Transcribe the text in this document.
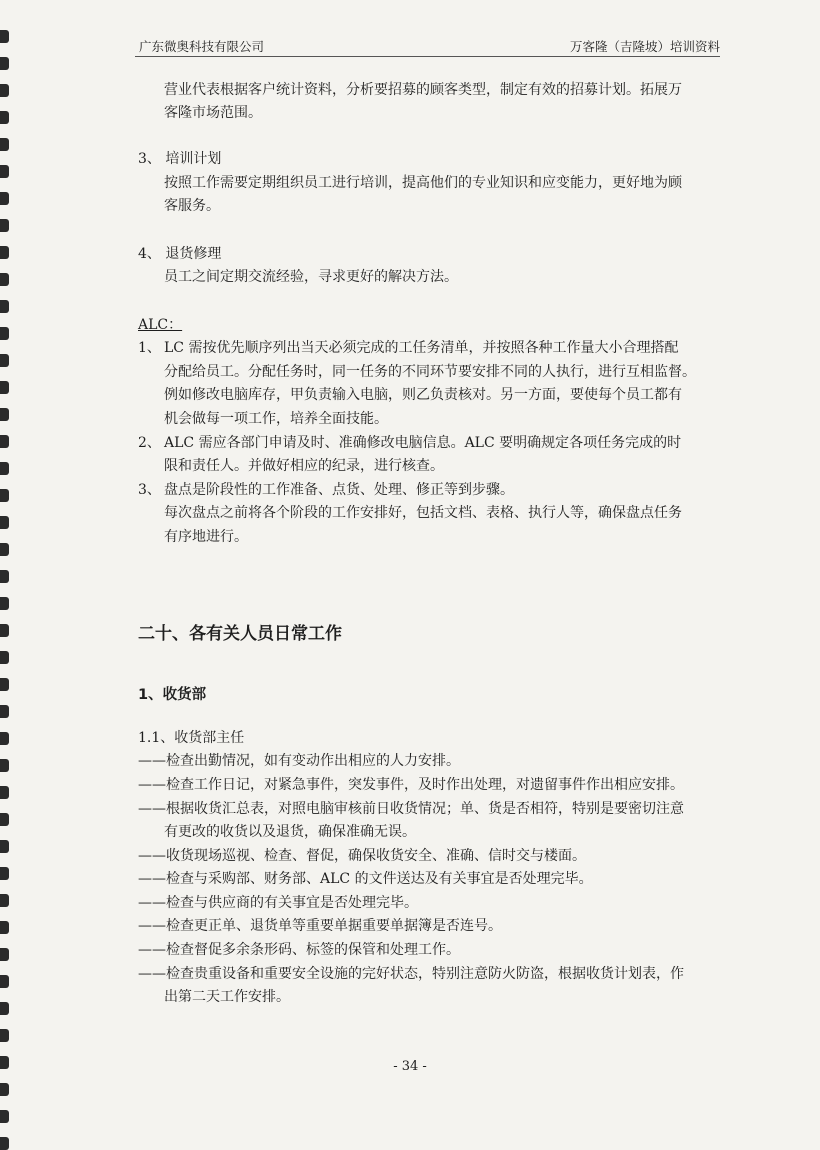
广东微奥科技有限公司	万客隆（吉隆坡）培训资料
营业代表根据客户统计资料，分析要招募的顾客类型，制定有效的招募计划。拓展万
客隆市场范围。
3、 培训计划
按照工作需要定期组织员工进行培训，提高他们的专业知识和应变能力，更好地为顾
客服务。
4、 退货修理
员工之间定期交流经验，寻求更好的解决方法。
ALC：
1、 LC 需按优先顺序列出当天必须完成的工任务清单，并按照各种工作量大小合理搭配
分配给员工。分配任务时，同一任务的不同环节要安排不同的人执行，进行互相监督。
例如修改电脑库存，甲负责输入电脑，则乙负责核对。另一方面，要使每个员工都有
机会做每一项工作，培养全面技能。
2、 ALC 需应各部门申请及时、准确修改电脑信息。ALC 要明确规定各项任务完成的时
限和责任人。并做好相应的纪录，进行核查。
3、 盘点是阶段性的工作准备、点货、处理、修正等到步骤。
每次盘点之前将各个阶段的工作安排好，包括文档、表格、执行人等，确保盘点任务
有序地进行。
二十、各有关人员日常工作
1、收货部
1.1、收货部主任
——检查出勤情况，如有变动作出相应的人力安排。
——检查工作日记，对紧急事件，突发事件，及时作出处理，对遗留事件作出相应安排。
——根据收货汇总表，对照电脑审核前日收货情况；单、货是否相符，特别是要密切注意
有更改的收货以及退货，确保准确无误。
——收货现场巡视、检查、督促，确保收货安全、准确、信时交与楼面。
——检查与采购部、财务部、ALC 的文件送达及有关事宜是否处理完毕。
——检查与供应商的有关事宜是否处理完毕。
——检查更正单、退货单等重要单据重要单据簿是否连号。
——检查督促多余条形码、标签的保管和处理工作。
——检查贵重设备和重要安全设施的完好状态，特别注意防火防盗，根据收货计划表，作
出第二天工作安排。
- 34 -
